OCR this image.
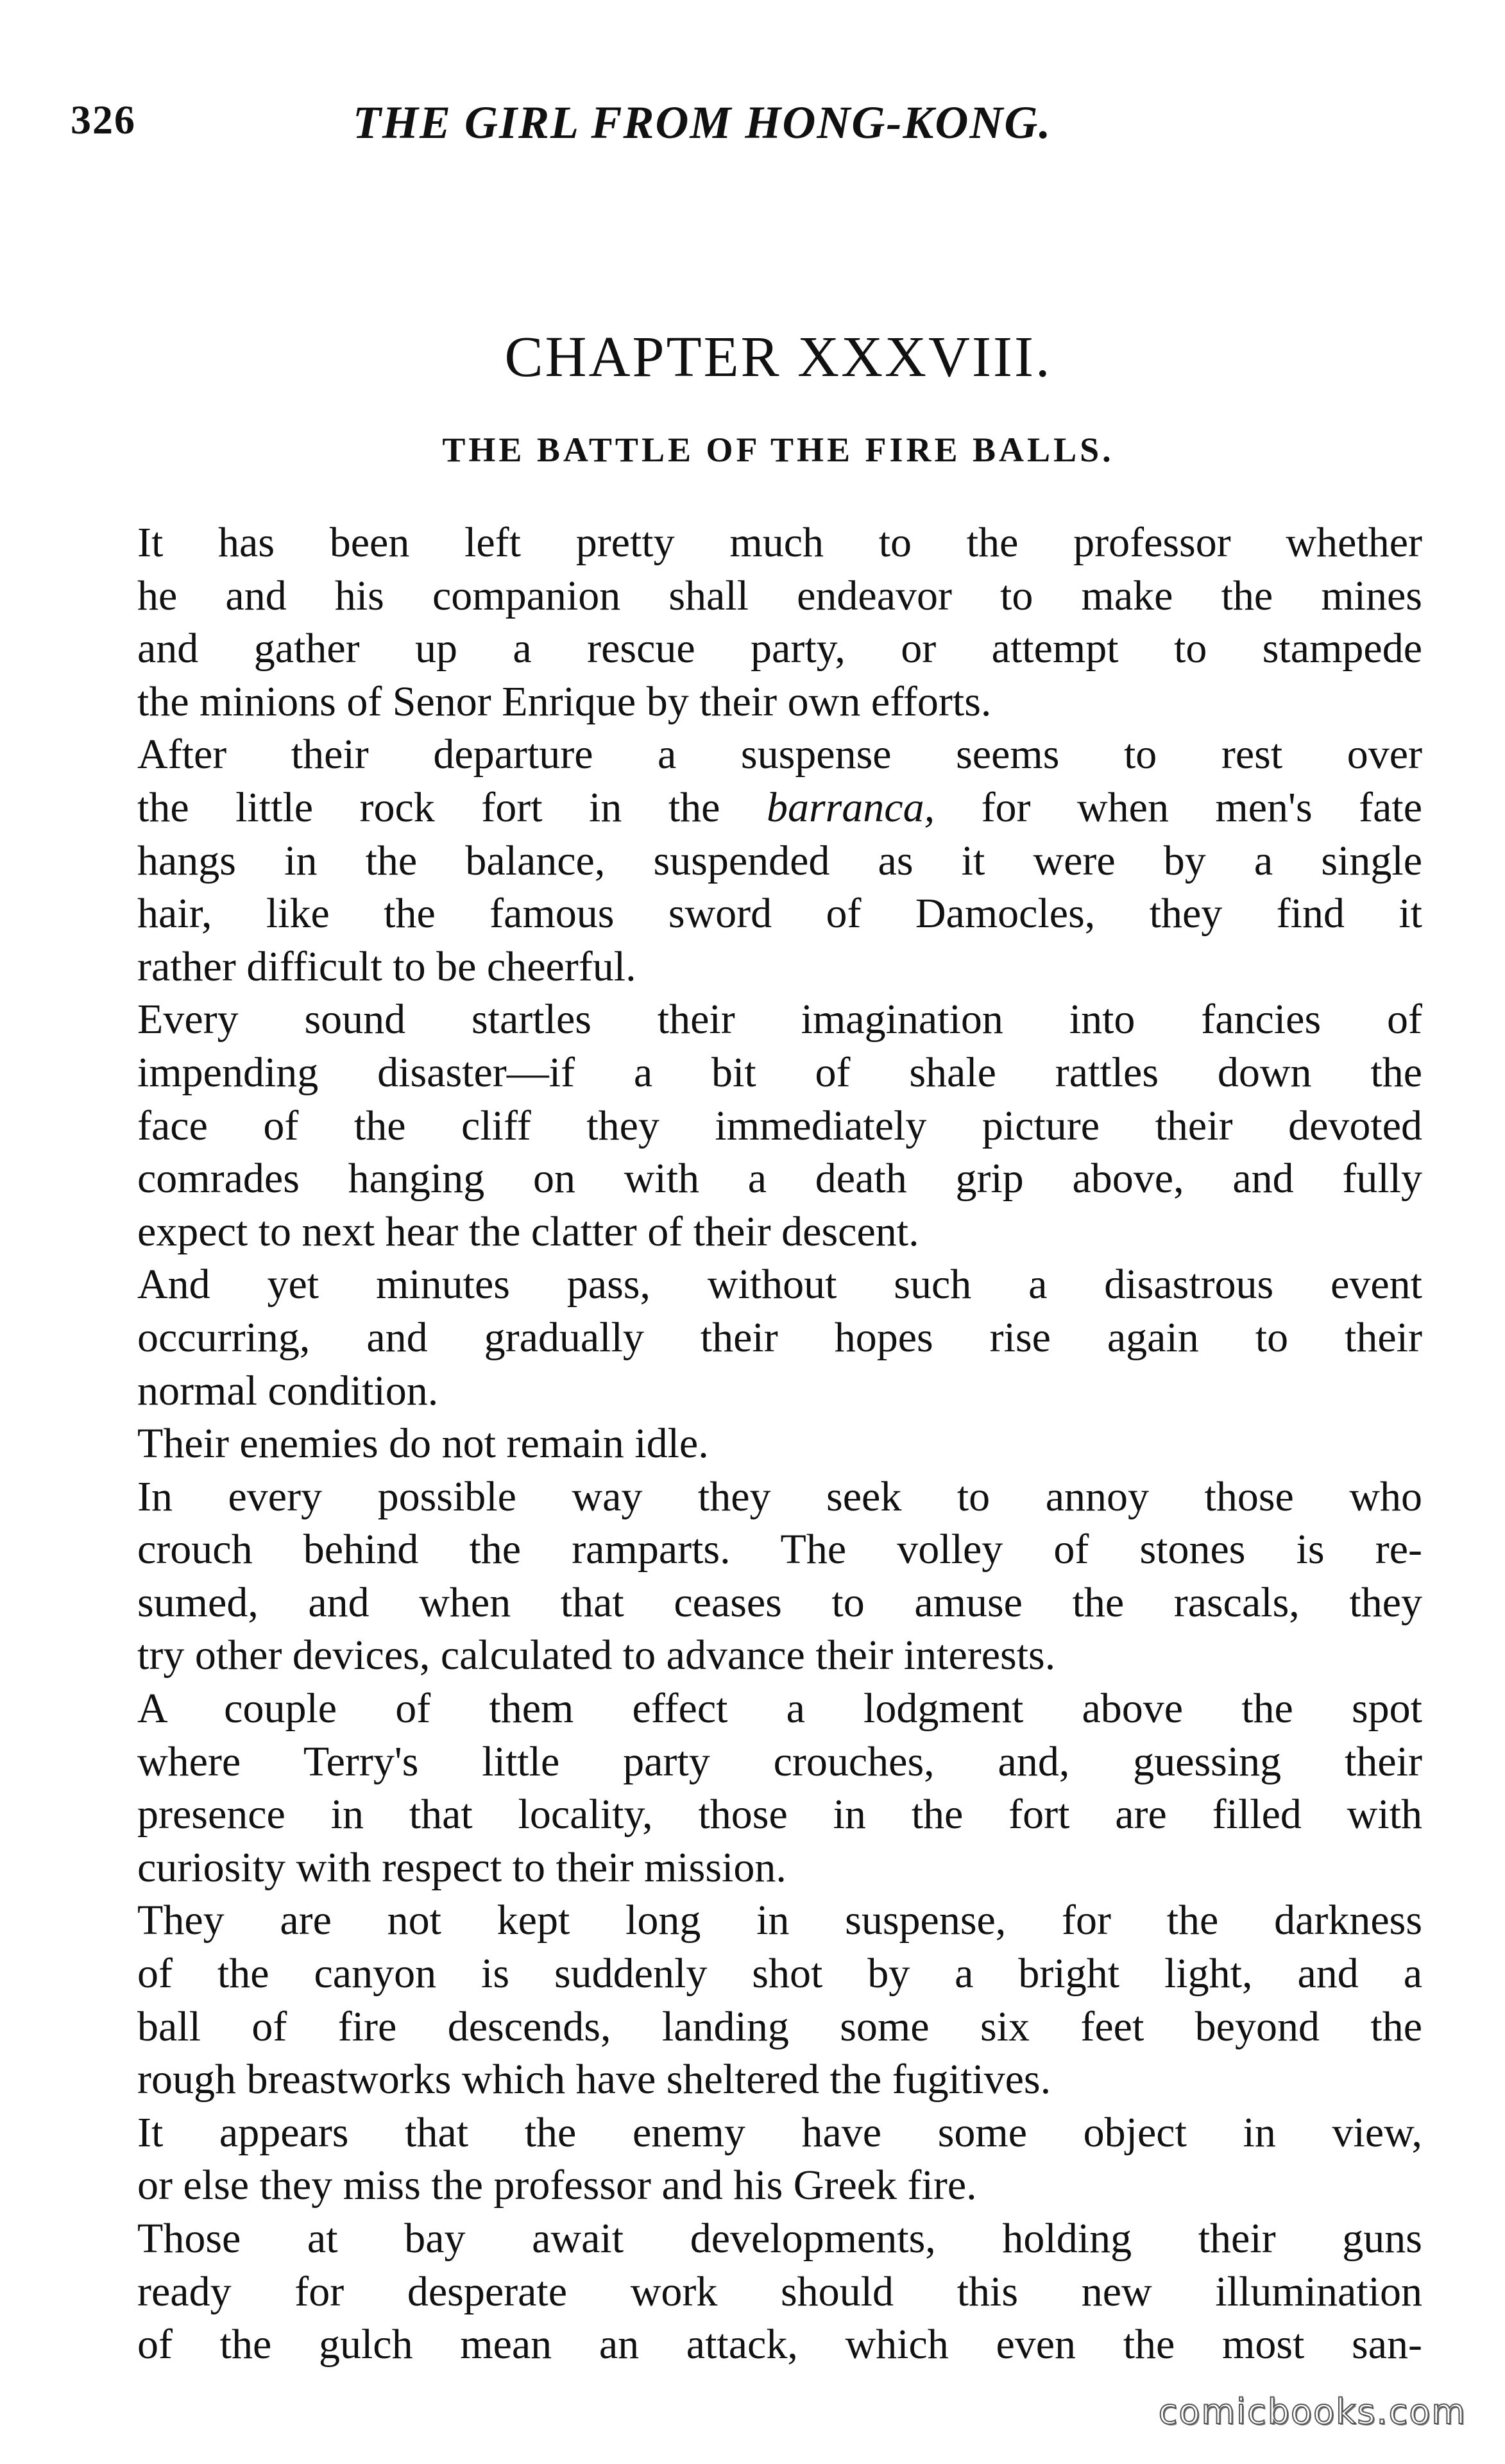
326	THE GIRL FROM HONG-KONG.
CHAPTER XXXVIII.
THE BATTLE OF THE FIRE BALLS.
It has been left pretty much to the professor whether
he and his companion shall endeavor to make the mines
and gather up a rescue party, or attempt to stampede
the minions of Senor Enrique by their own efforts.
After their departure a suspense seems to rest over
the little rock fort in the barranca, for when men's fate
hangs in the balance, suspended as it were by a single
hair, like the famous sword of Damocles, they find it
rather difficult to be cheerful.
Every sound startles their imagination into fancies of
impending disaster—if a bit of shale rattles down the
face of the cliff they immediately picture their devoted
comrades hanging on with a death grip above, and fully
expect to next hear the clatter of their descent.
And yet minutes pass, without such a disastrous event
occurring, and gradually their hopes rise again to their
normal condition.
Their enemies do not remain idle.
In every possible way they seek to annoy those who
crouch behind the ramparts. The volley of stones is re-
sumed, and when that ceases to amuse the rascals, they
try other devices, calculated to advance their interests.
A couple of them effect a lodgment above the spot
where Terry's little party crouches, and, guessing their
presence in that locality, those in the fort are filled with
curiosity with respect to their mission.
They are not kept long in suspense, for the darkness
of the canyon is suddenly shot by a bright light, and a
ball of fire descends, landing some six feet beyond the
rough breastworks which have sheltered the fugitives.
It appears that the enemy have some object in view,
or else they miss the professor and his Greek fire.
Those at bay await developments, holding their guns
ready for desperate work should this new illumination
of the gulch mean an attack, which even the most san-
comicbooks.com
